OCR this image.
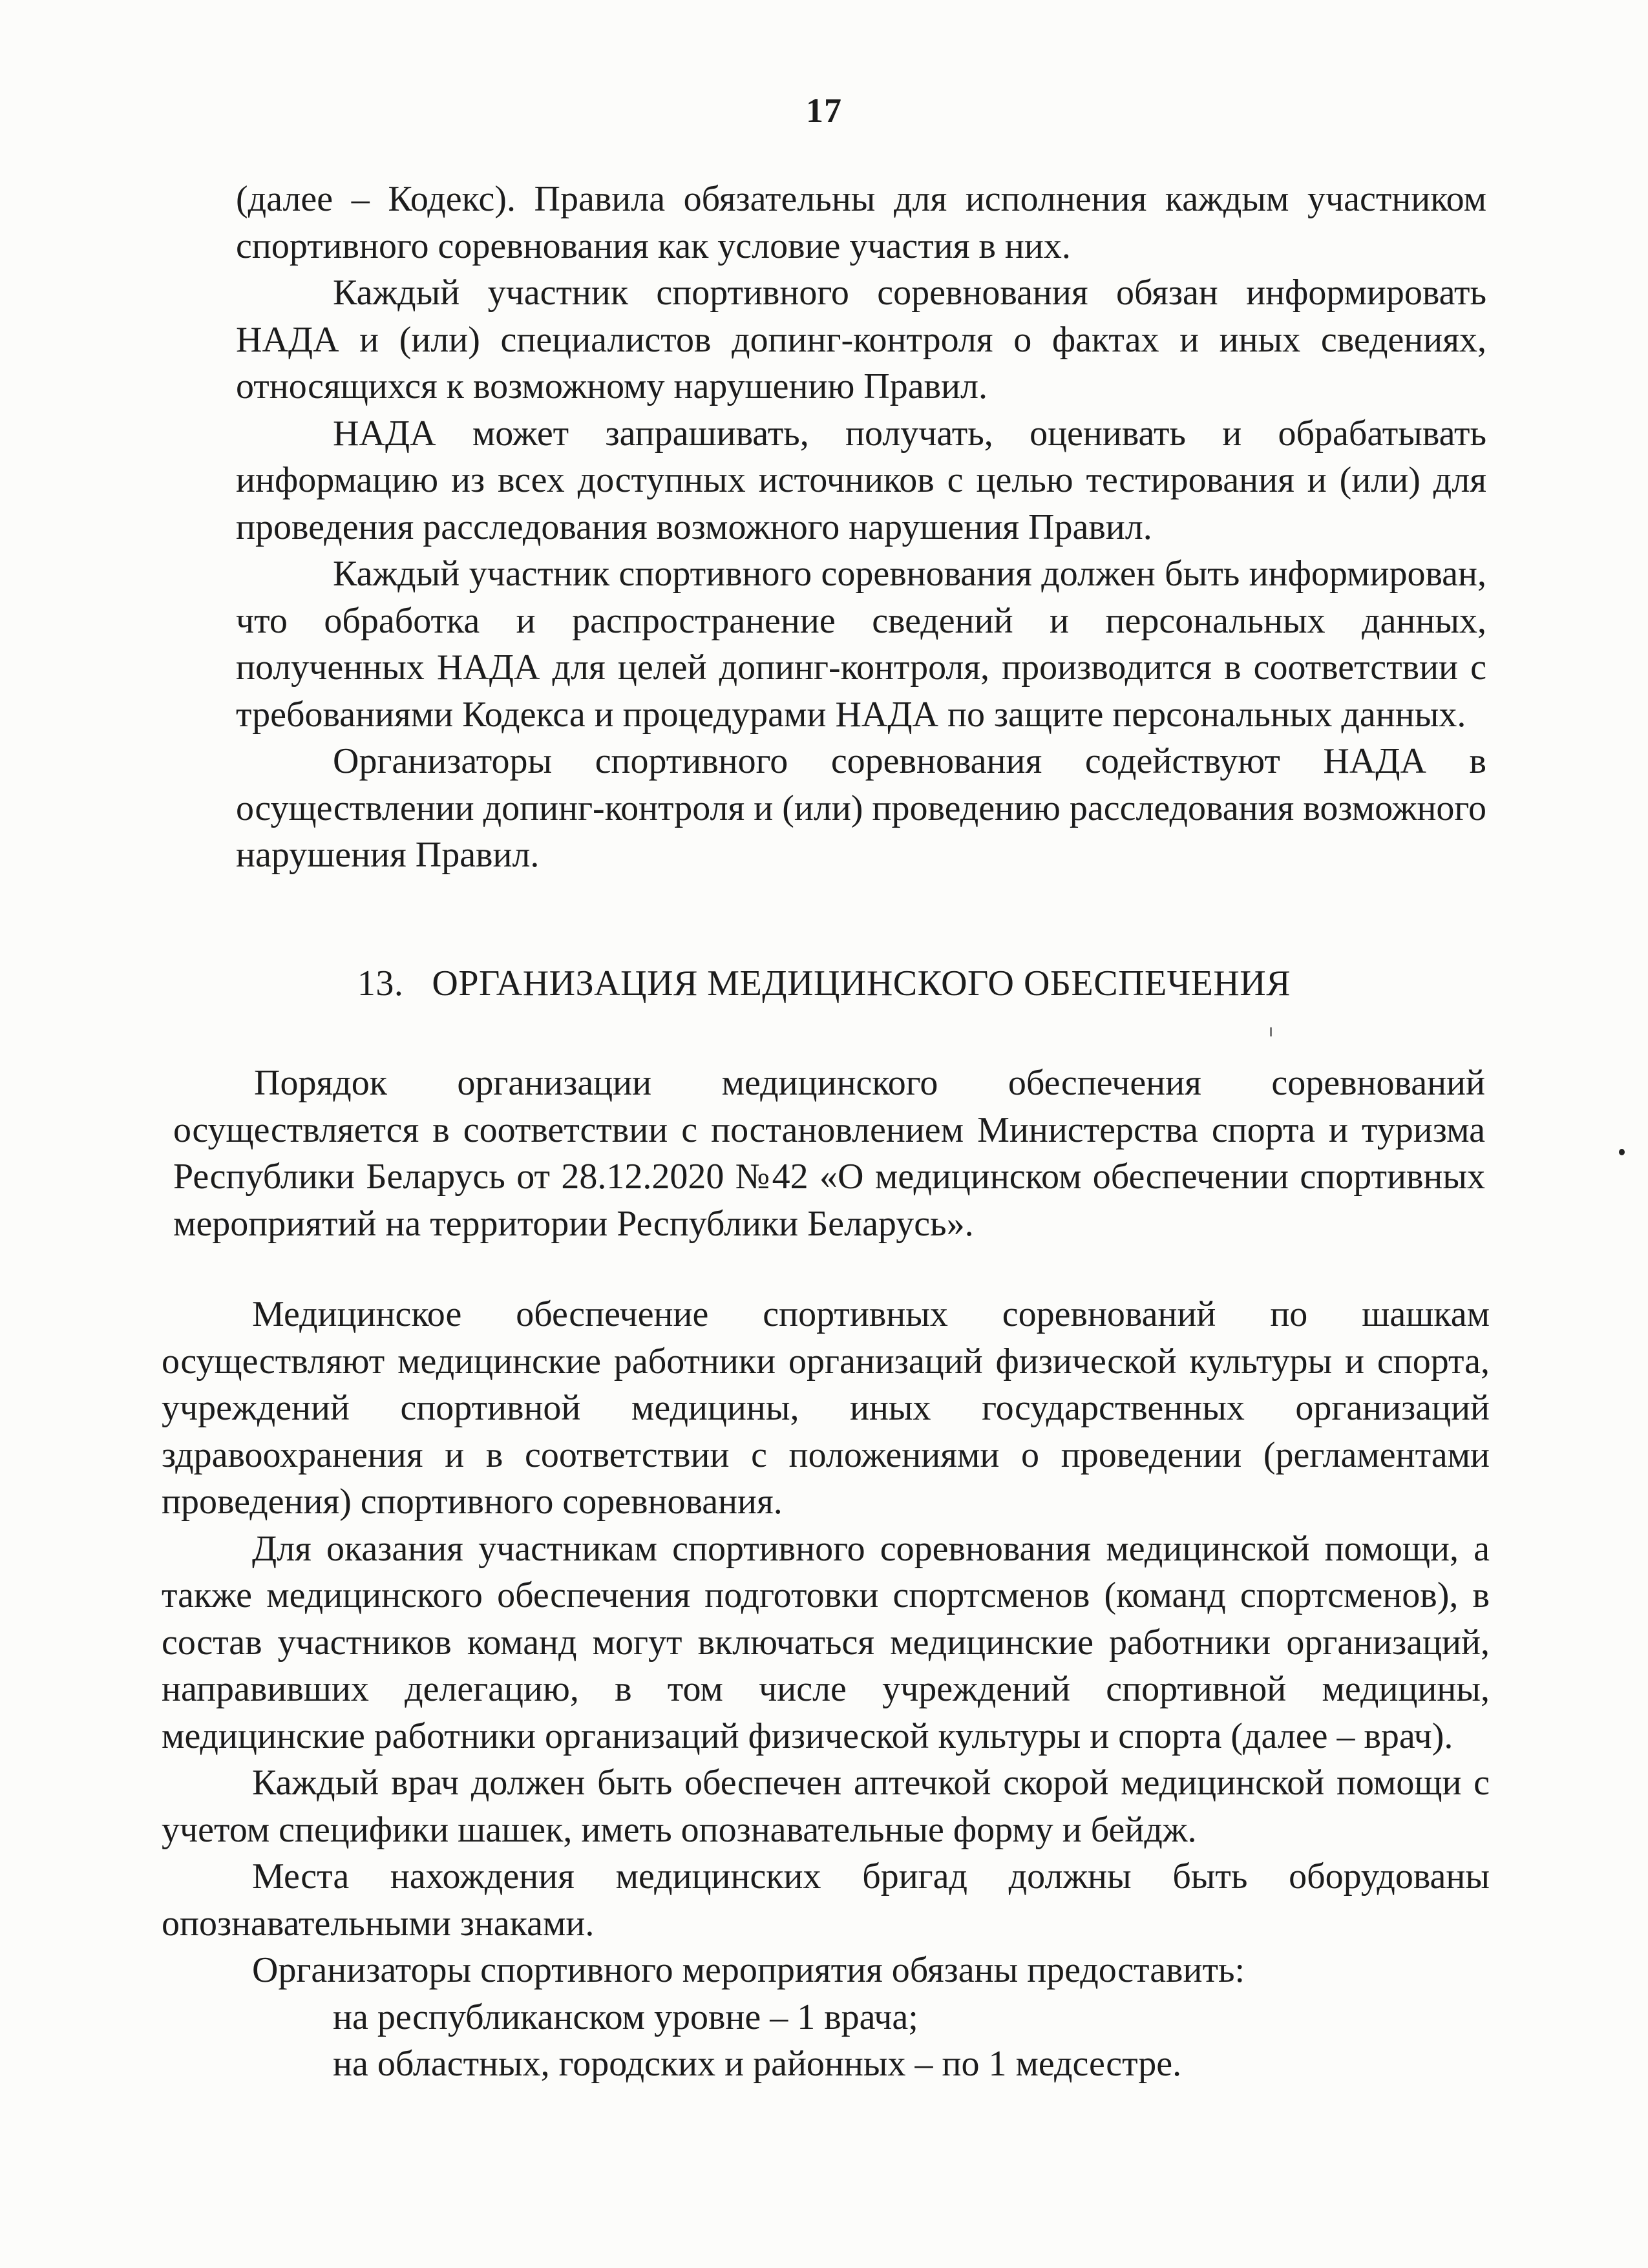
17

(далее – Кодекс). Правила обязательны для исполнения каждым участником спортивного соревнования как условие участия в них.

Каждый участник спортивного соревнования обязан информировать НАДА и (или) специалистов допинг-контроля о фактах и иных сведениях, относящихся к возможному нарушению Правил.

НАДА может запрашивать, получать, оценивать и обрабатывать информацию из всех доступных источников с целью тестирования и (или) для проведения расследования возможного нарушения Правил.

Каждый участник спортивного соревнования должен быть информирован, что обработка и распространение сведений и персональных данных, полученных НАДА для целей допинг-контроля, производится в соответствии с требованиями Кодекса и процедурами НАДА по защите персональных данных.

Организаторы спортивного соревнования содействуют НАДА в осуществлении допинг-контроля и (или) проведению расследования возможного нарушения Правил.

13. ОРГАНИЗАЦИЯ МЕДИЦИНСКОГО ОБЕСПЕЧЕНИЯ

Порядок организации медицинского обеспечения соревнований осуществляется в соответствии с постановлением Министерства спорта и туризма Республики Беларусь от 28.12.2020 №42 «О медицинском обеспечении спортивных мероприятий на территории Республики Беларусь».

Медицинское обеспечение спортивных соревнований по шашкам осуществляют медицинские работники организаций физической культуры и спорта, учреждений спортивной медицины, иных государственных организаций здравоохранения и в соответствии с положениями о проведении (регламентами проведения) спортивного соревнования.

Для оказания участникам спортивного соревнования медицинской помощи, а также медицинского обеспечения подготовки спортсменов (команд спортсменов), в состав участников команд могут включаться медицинские работники организаций, направивших делегацию, в том числе учреждений спортивной медицины, медицинские работники организаций физической культуры и спорта (далее – врач).

Каждый врач должен быть обеспечен аптечкой скорой медицинской помощи с учетом специфики шашек, иметь опознавательные форму и бейдж.

Места нахождения медицинских бригад должны быть оборудованы опознавательными знаками.

Организаторы спортивного мероприятия обязаны предоставить:

на республиканском уровне – 1 врача;

на областных, городских и районных – по 1 медсестре.
